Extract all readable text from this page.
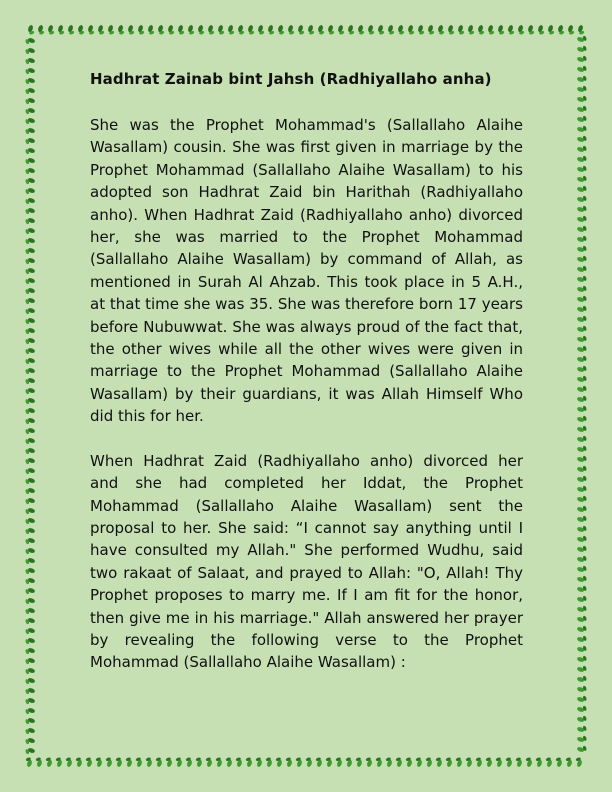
Hadhrat Zainab bint Jahsh (Radhiyallaho anha)

She was the Prophet Mohammad's (Sallallaho Alaihe Wasallam) cousin. She was first given in marriage by the Prophet Mohammad (Sallallaho Alaihe Wasallam) to his adopted son Hadhrat Zaid bin Harithah (Radhiyallaho anho). When Hadhrat Zaid (Radhiyallaho anho) divorced her, she was married to the Prophet Mohammad (Sallallaho Alaihe Wasallam) by command of Allah, as mentioned in Surah Al Ahzab. This took place in 5 A.H., at that time she was 35. She was therefore born 17 years before Nubuwwat. She was always proud of the fact that, the other wives while all the other wives were given in marriage to the Prophet Mohammad (Sallallaho Alaihe Wasallam) by their guardians, it was Allah Himself Who did this for her.

When Hadhrat Zaid (Radhiyallaho anho) divorced her and she had completed her Iddat, the Prophet Mohammad (Sallallaho Alaihe Wasallam) sent the proposal to her. She said: “I cannot say anything until I have consulted my Allah." She performed Wudhu, said two rakaat of Salaat, and prayed to Allah: "O, Allah! Thy Prophet proposes to marry me. If I am fit for the honor, then give me in his marriage." Allah answered her prayer by revealing the following verse to the Prophet Mohammad (Sallallaho Alaihe Wasallam) :
